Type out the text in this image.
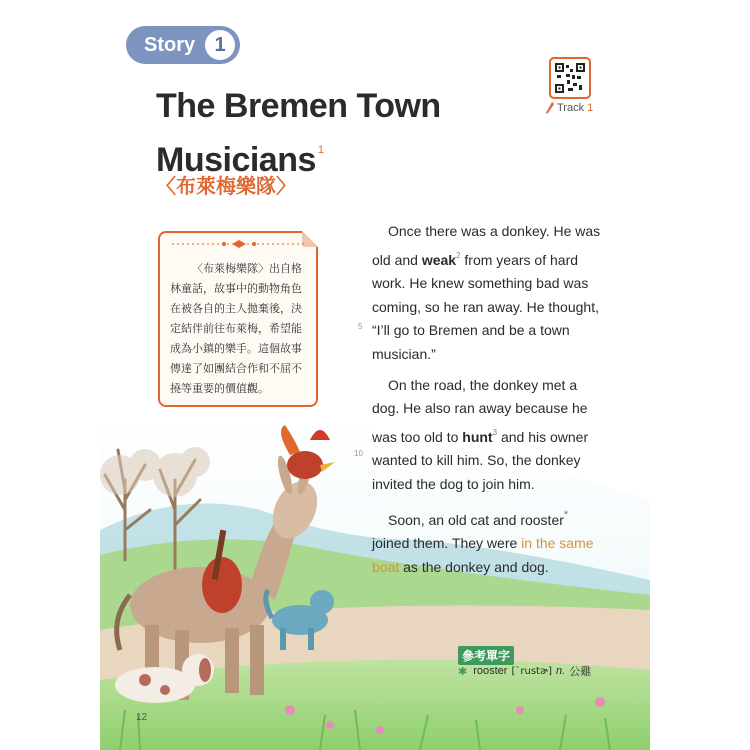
Story 1
The Bremen Town
Musicians $^1$
〈布萊梅樂隊〉
Track 1
〈布萊梅樂隊〉出自格林童話，故事中的動物角色在被各自的主人拋棄後，決定結伴前往布萊梅，希望能成為小鎮的樂手。這個故事傳達了如團結合作和不屈不撓等重要的價值觀。

Once there was a donkey. He was old and weak$^2$ from years of hard work. He knew something bad was coming, so he ran away. He thought, “I’ll go to Bremen and be a town musician.”

On the road, the donkey met a dog. He also ran away because he was too old to hunt$^3$ and his owner wanted to kill him. So, the donkey invited the dog to join him.

Soon, an old cat and rooster* joined them. They were in the same boat as the donkey and dog.

5
10
參考單字
✱ rooster [ˋrustɚ] n. 公雞
12
